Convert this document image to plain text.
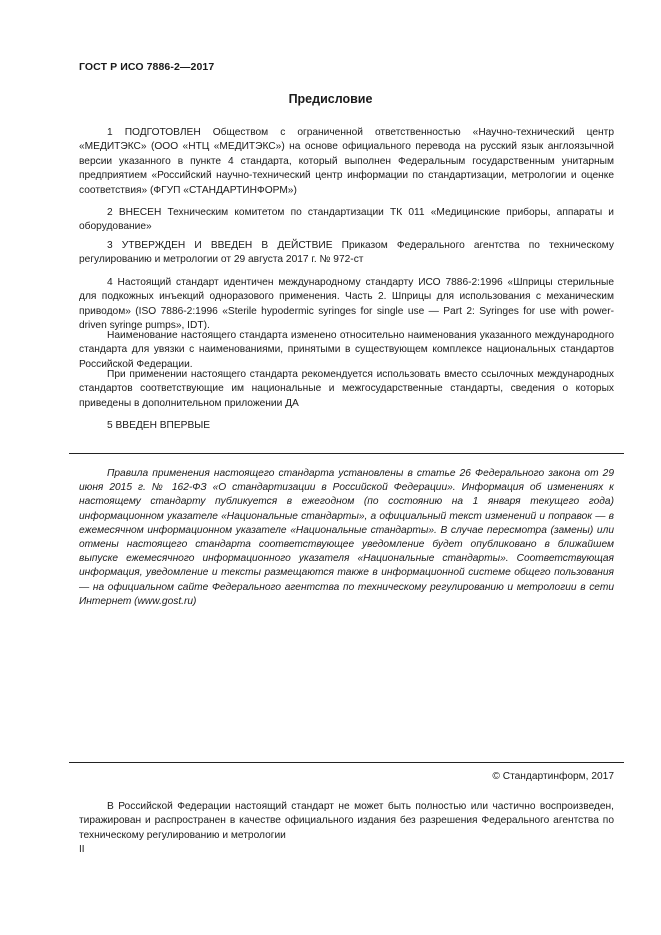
ГОСТ Р ИСО 7886-2—2017
Предисловие

1 ПОДГОТОВЛЕН Обществом с ограниченной ответственностью «Научно-технический центр «МЕДИТЭКС» (ООО «НТЦ «МЕДИТЭКС») на основе официального перевода на русский язык англоязычной версии указанного в пункте 4 стандарта, который выполнен Федеральным государственным унитарным предприятием «Российский научно-технический центр информации по стандартизации, метрологии и оценке соответствия» (ФГУП «СТАНДАРТИНФОРМ»)

2 ВНЕСЕН Техническим комитетом по стандартизации ТК 011 «Медицинские приборы, аппараты и оборудование»

3 УТВЕРЖДЕН И ВВЕДЕН В ДЕЙСТВИЕ Приказом Федерального агентства по техническому регулированию и метрологии от 29 августа 2017 г. № 972-ст

4 Настоящий стандарт идентичен международному стандарту ИСО 7886-2:1996 «Шприцы стерильные для подкожных инъекций одноразового применения. Часть 2. Шприцы для использования с механическим приводом» (ISO 7886-2:1996 «Sterile hypodermic syringes for single use — Part 2: Syringes for use with power-driven syringe pumps», IDT).

Наименование настоящего стандарта изменено относительно наименования указанного международного стандарта для увязки с наименованиями, принятыми в существующем комплексе национальных стандартов Российской Федерации.

При применении настоящего стандарта рекомендуется использовать вместо ссылочных международных стандартов соответствующие им национальные и межгосударственные стандарты, сведения о которых приведены в дополнительном приложении ДА

5 ВВЕДЕН ВПЕРВЫЕ

Правила применения настоящего стандарта установлены в статье 26 Федерального закона от 29 июня 2015 г. № 162-ФЗ «О стандартизации в Российской Федерации». Информация об изменениях к настоящему стандарту публикуется в ежегодном (по состоянию на 1 января текущего года) информационном указателе «Национальные стандарты», а официальный текст изменений и поправок — в ежемесячном информационном указателе «Национальные стандарты». В случае пересмотра (замены) или отмены настоящего стандарта соответствующее уведомление будет опубликовано в ближайшем выпуске ежемесячного информационного указателя «Национальные стандарты». Соответствующая информация, уведомление и тексты размещаются также в информационной системе общего пользования — на официальном сайте Федерального агентства по техническому регулированию и метрологии в сети Интернет (www.gost.ru)

© Стандартинформ, 2017

В Российской Федерации настоящий стандарт не может быть полностью или частично воспроизведен, тиражирован и распространен в качестве официального издания без разрешения Федерального агентства по техническому регулированию и метрологии

II
